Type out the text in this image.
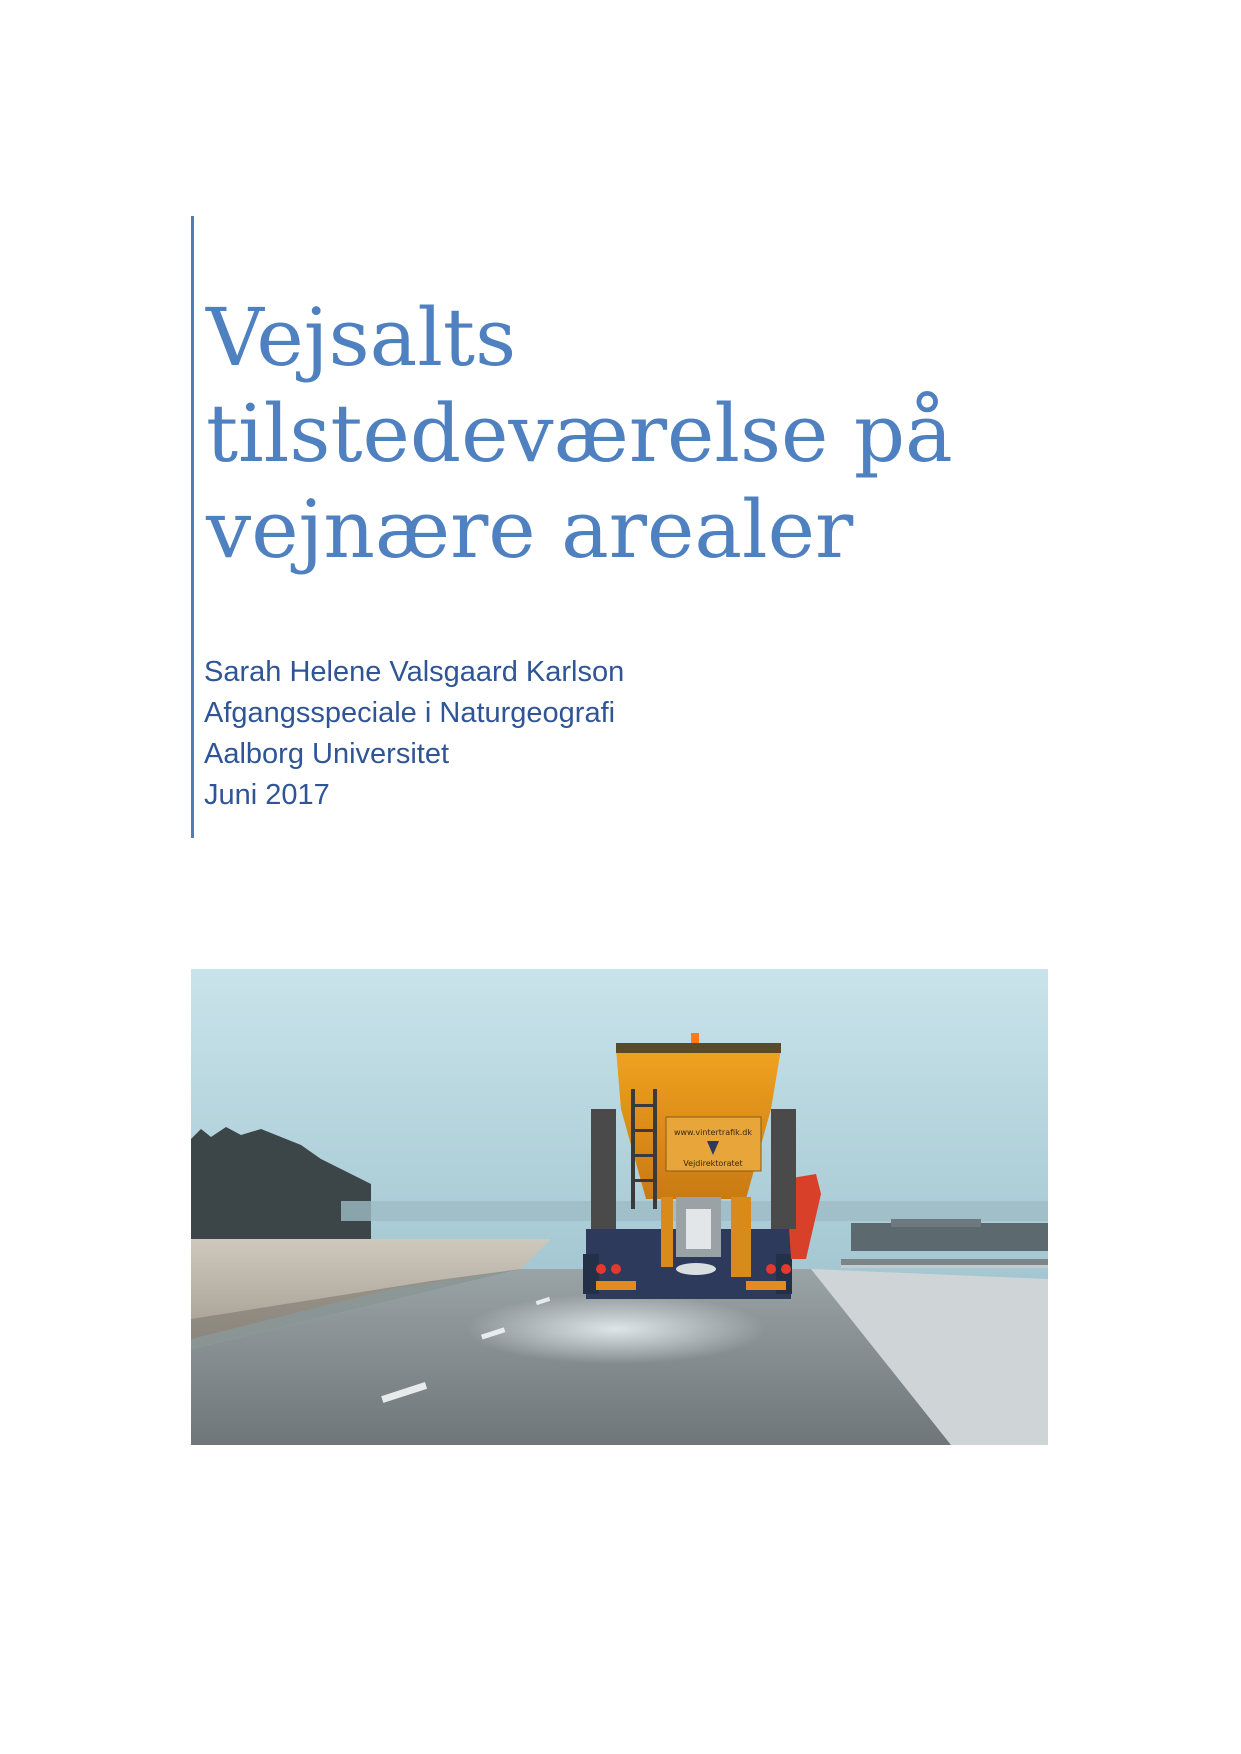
Vejsalts
tilstedeværelse på
vejnære arealer
Sarah Helene Valsgaard Karlson
Afgangsspeciale i Naturgeografi
Aalborg Universitet
Juni 2017
www.vintertrafik.dk
Vejdirektoratet
